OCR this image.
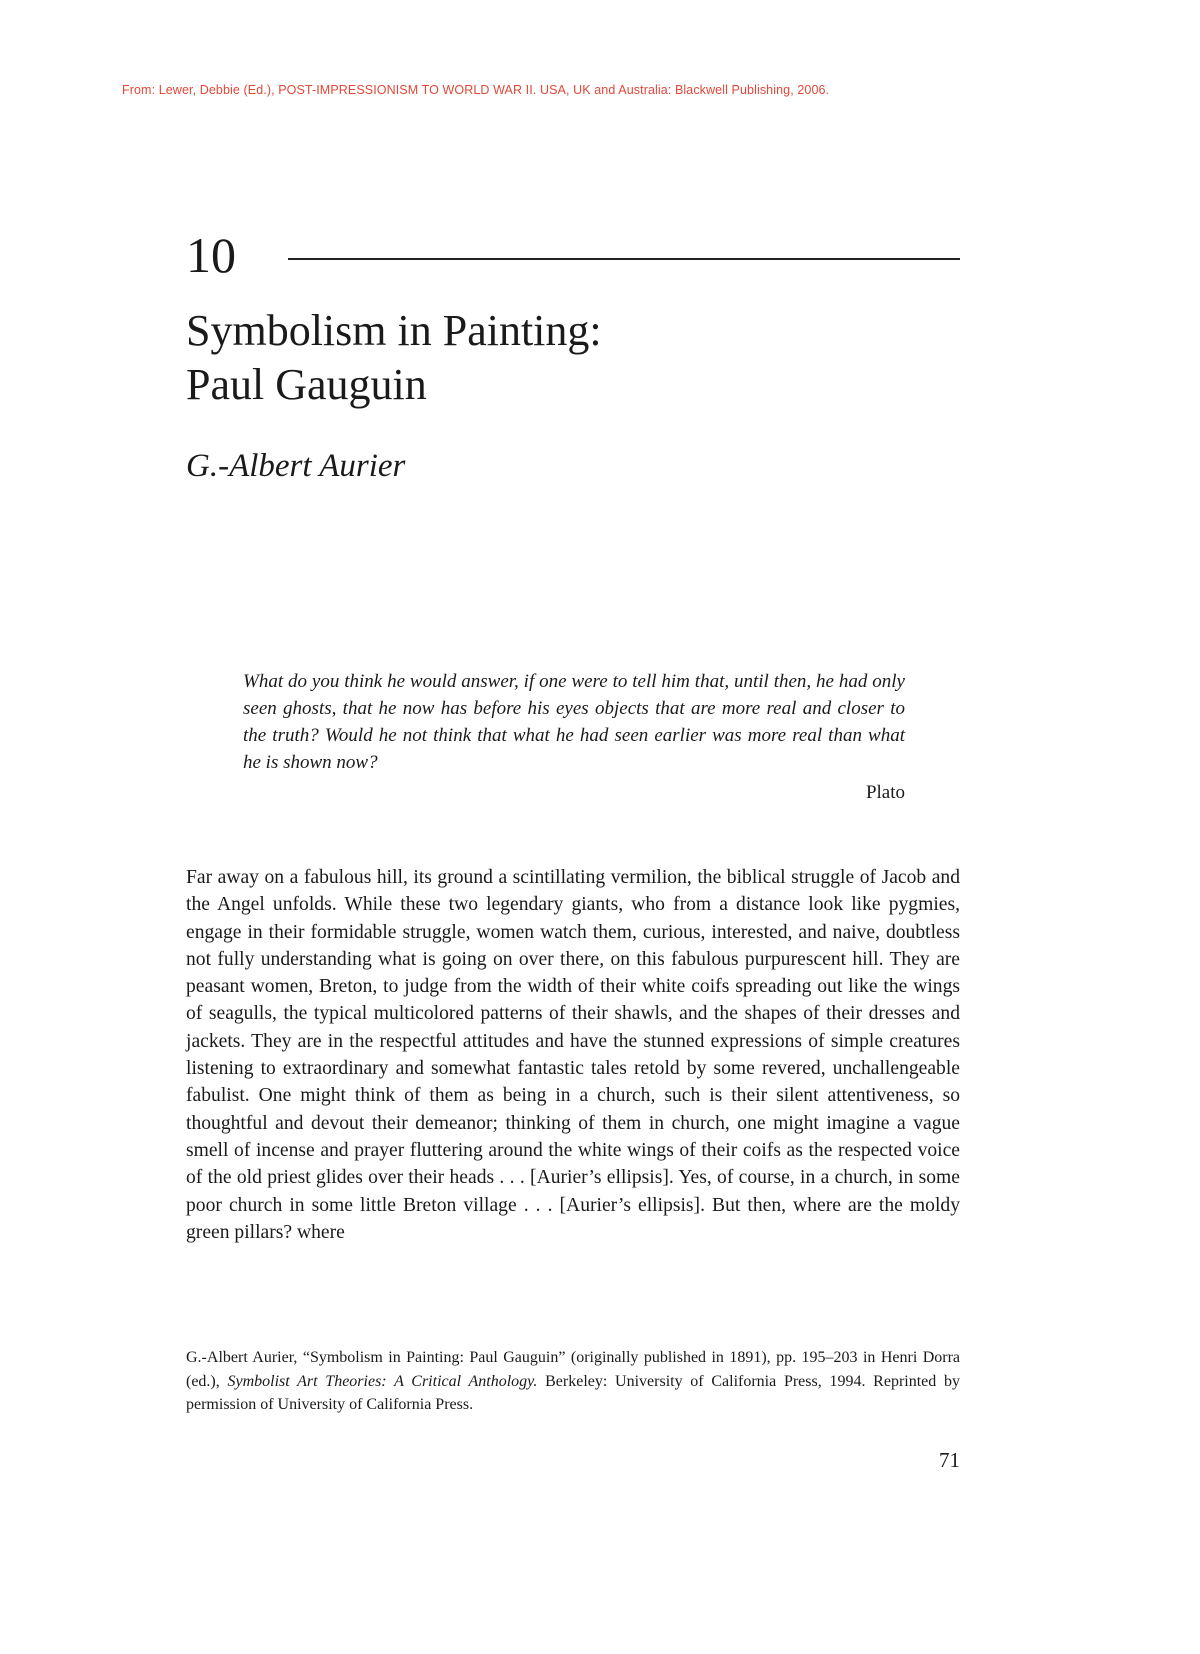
From: Lewer, Debbie (Ed.), POST-IMPRESSIONISM TO WORLD WAR II. USA, UK and Australia: Blackwell Publishing, 2006.
10
Symbolism in Painting:
Paul Gauguin
G.-Albert Aurier

What do you think he would answer, if one were to tell him that, until then, he had only seen ghosts, that he now has before his eyes objects that are more real and closer to the truth? Would he not think that what he had seen earlier was more real than what he is shown now?

Plato

Far away on a fabulous hill, its ground a scintillating vermilion, the biblical struggle of Jacob and the Angel unfolds. While these two legendary giants, who from a distance look like pygmies, engage in their formidable struggle, women watch them, curious, interested, and naive, doubtless not fully understanding what is going on over there, on this fabulous purpurescent hill. They are peasant women, Breton, to judge from the width of their white coifs spreading out like the wings of seagulls, the typical multicolored patterns of their shawls, and the shapes of their dresses and jackets. They are in the respectful attitudes and have the stunned expressions of simple creatures listening to extraordinary and somewhat fantastic tales retold by some revered, unchallengeable fabulist. One might think of them as being in a church, such is their silent attentiveness, so thoughtful and devout their demeanor; thinking of them in church, one might imagine a vague smell of incense and prayer fluttering around the white wings of their coifs as the respected voice of the old priest glides over their heads . . . [Aurier’s ellipsis]. Yes, of course, in a church, in some poor church in some little Breton village . . . [Aurier’s ellipsis]. But then, where are the moldy green pillars? where

G.-Albert Aurier, “Symbolism in Painting: Paul Gauguin” (originally published in 1891), pp. 195–203 in Henri Dorra (ed.), Symbolist Art Theories: A Critical Anthology. Berkeley: University of California Press, 1994. Reprinted by permission of University of California Press.

71
